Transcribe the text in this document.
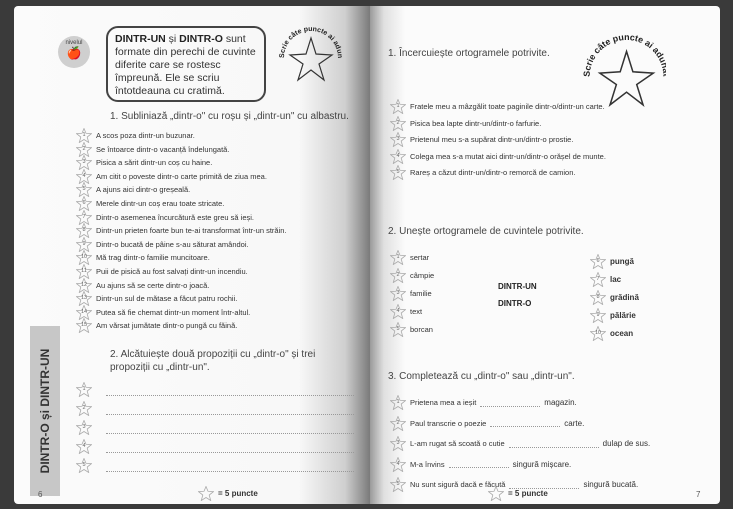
nivelul
🍎
DINTR-UN și DINTR-O sunt formate din perechi de cuvinte diferite care se rostesc împreună. Ele se scriu întotdeauna cu cratimă.
Scrie câte puncte ai adu
1. Subliniază „dintr-o" cu roșu și „dintr-un" cu albastru.
2. Alcătuiește două propoziții cu „dintr-o" și trei propoziții cu „dintr-un".
DINTR-O și DINTR-UN
6	= 5 puncte
1	A scos poza dintr-un buzunar.
2	Se întoarce dintr-o vacanță îndelungată.
3	Pisica a sărit dintr-un coș cu haine.
4	Am citit o poveste dintr-o carte primită de ziua mea.
5	A ajuns aici dintr-o greșeală.
6	Merele dintr-un coș erau toate stricate.
7	Dintr-o asemenea încurcătură este greu să ieși.
8	Dintr-un prieten foarte bun te-ai transformat într-un străin.
9	Dintr-o bucată de pâine s-au săturat amândoi.
10	Mă trag dintr-o familie muncitoare.
11	Puii de pisică au fost salvați dintr-un incendiu.
12	Au ajuns să se certe dintr-o joacă.
13	Dintr-un sul de mătase a făcut patru rochii.
14	Putea să fie chemat dintr-un moment într-altul.
15	Am vărsat jumătate dintr-o pungă cu făină.
1
2
3
4
5
1. Încercuiește ortogramele potrivite.
Scrie câte puncte ai ad
2. Unește ortogramele de cuvintele potrivite.
3. Completează cu „dintr-o" sau „dintr-un".
= 5 puncte	7
1	Fratele meu a mâzgălit toate paginile dintr-o/dintr-un carte.
2	Pisica bea lapte dintr-un/dintr-o farfurie.
3	Prietenul meu s-a supărat dintr-un/dintr-o prostie.
4	Colega mea s-a mutat aici dintr-un/dintr-o orășel de munte.
5	Rareș a căzut dintr-un/dintr-o remorcă de camion.
1	sertar
2	câmpie
3	familie
4	text
5	borcan
6	pungă
7	lac
8	grădină
9	pălărie
10	ocean
DINTR-UN
DINTR-O
1	Prietena mea a ieșit	magazin.
2	Paul transcrie o poezie	carte.
3	L-am rugat să scoată o cutie	dulap de sus.
4	M-a învins	singură mișcare.
5	Nu sunt sigură dacă e făcută	singură bucată.
